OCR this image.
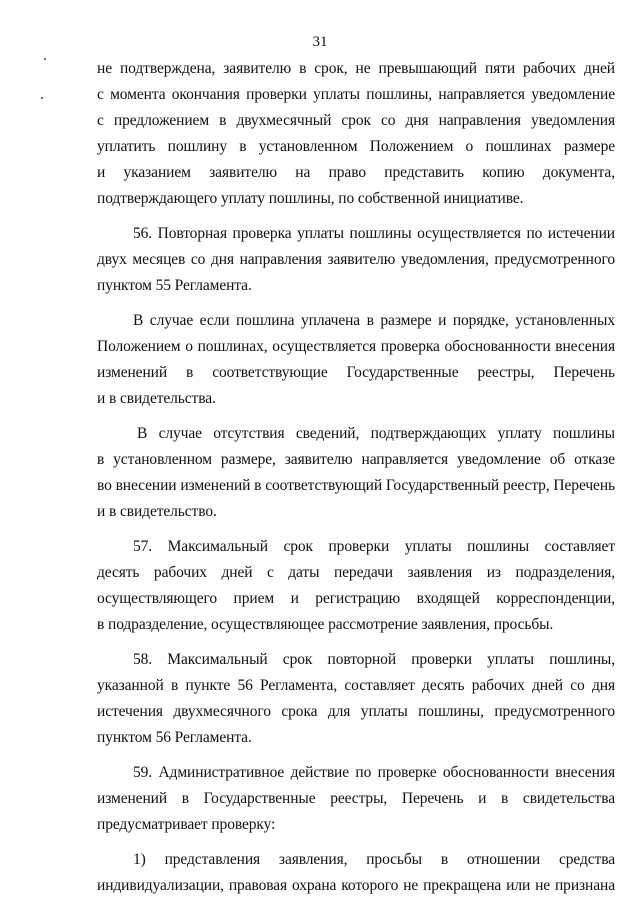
31
не подтверждена, заявителю в срок, не превышающий пяти рабочих дней
с момента окончания проверки уплаты пошлины, направляется уведомление
с предложением в двухмесячный срок со дня направления уведомления
уплатить пошлину в установленном Положением о пошлинах размере
и указанием заявителю на право представить копию документа,
подтверждающего уплату пошлины, по собственной инициативе.
56. Повторная проверка уплаты пошлины осуществляется по истечении
двух месяцев со дня направления заявителю уведомления, предусмотренного
пунктом 55 Регламента.
В случае если пошлина уплачена в размере и порядке, установленных
Положением о пошлинах, осуществляется проверка обоснованности внесения
изменений в соответствующие Государственные реестры, Перечень
и в свидетельства.
В случае отсутствия сведений, подтверждающих уплату пошлины
в установленном размере, заявителю направляется уведомление об отказе
во внесении изменений в соответствующий Государственный реестр, Перечень
и в свидетельство.
57. Максимальный срок проверки уплаты пошлины составляет
десять рабочих дней с даты передачи заявления из подразделения,
осуществляющего прием и регистрацию входящей корреспонденции,
в подразделение, осуществляющее рассмотрение заявления, просьбы.
58. Максимальный срок повторной проверки уплаты пошлины,
указанной в пункте 56 Регламента, составляет десять рабочих дней со дня
истечения двухмесячного срока для уплаты пошлины, предусмотренного
пунктом 56 Регламента.
59. Административное действие по проверке обоснованности внесения
изменений в Государственные реестры, Перечень и в свидетельства
предусматривает проверку:
1) представления заявления, просьбы в отношении средства
индивидуализации, правовая охрана которого не прекращена или не признана
